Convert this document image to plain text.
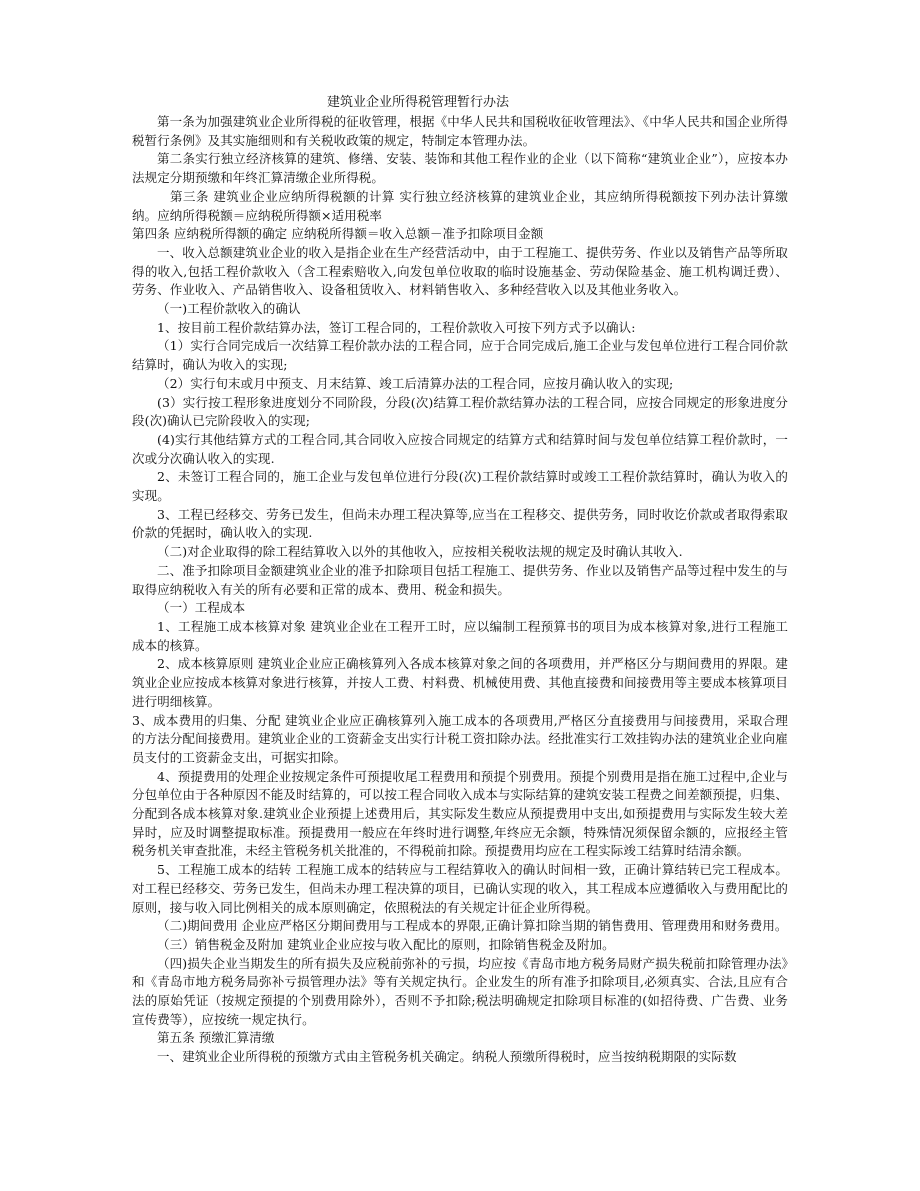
建筑业企业所得税管理暂行办法

第一条为加强建筑业企业所得税的征收管理，根据《中华人民共和国税收征收管理法》、《中华人民共和国企业所得税暂行条例》及其实施细则和有关税收政策的规定，特制定本管理办法。

第二条实行独立经济核算的建筑、修缮、安装、装饰和其他工程作业的企业（以下简称“建筑业企业”），应按本办法规定分期预缴和年终汇算清缴企业所得税。

第三条 建筑业企业应纳所得税额的计算 实行独立经济核算的建筑业企业，其应纳所得税额按下列办法计算缴纳。应纳所得税额＝应纳税所得额×适用税率

第四条 应纳税所得额的确定 应纳税所得额＝收入总额－准予扣除项目金额

一、收入总额建筑业企业的收入是指企业在生产经营活动中，由于工程施工、提供劳务、作业以及销售产品等所取得的收入,包括工程价款收入（含工程索赔收入,向发包单位收取的临时设施基金、劳动保险基金、施工机构调迁费）、劳务、作业收入、产品销售收入、设备租赁收入、材料销售收入、多种经营收入以及其他业务收入。

（一)工程价款收入的确认

1、按目前工程价款结算办法，签订工程合同的，工程价款收入可按下列方式予以确认:

（1）实行合同完成后一次结算工程价款办法的工程合同，应于合同完成后,施工企业与发包单位进行工程合同价款结算时，确认为收入的实现;

（2）实行旬末或月中预支、月末结算、竣工后清算办法的工程合同，应按月确认收入的实现;

(3）实行按工程形象进度划分不同阶段，分段(次)结算工程价款结算办法的工程合同，应按合同规定的形象进度分段(次)确认已完阶段收入的实现;

(4)实行其他结算方式的工程合同,其合同收入应按合同规定的结算方式和结算时间与发包单位结算工程价款时，一次或分次确认收入的实现.

2、未签订工程合同的，施工企业与发包单位进行分段(次)工程价款结算时或竣工工程价款结算时，确认为收入的实现。

3、工程已经移交、劳务已发生，但尚未办理工程决算等,应当在工程移交、提供劳务，同时收讫价款或者取得索取价款的凭据时，确认收入的实现.

（二)对企业取得的除工程结算收入以外的其他收入，应按相关税收法规的规定及时确认其收入.

二、准予扣除项目金额建筑业企业的准予扣除项目包括工程施工、提供劳务、作业以及销售产品等过程中发生的与取得应纳税收入有关的所有必要和正常的成本、费用、税金和损失。

（一）工程成本

1、工程施工成本核算对象 建筑业企业在工程开工时，应以编制工程预算书的项目为成本核算对象,进行工程施工成本的核算。

2、成本核算原则 建筑业企业应正确核算列入各成本核算对象之间的各项费用，并严格区分与期间费用的界限。建筑业企业应按成本核算对象进行核算，并按人工费、村料费、机械使用费、其他直接费和间接费用等主要成本核算项目进行明细核算。

3、成本费用的归集、分配 建筑业企业应正确核算列入施工成本的各项费用,严格区分直接费用与间接费用，采取合理的方法分配间接费用。建筑业企业的工资薪金支出实行计税工资扣除办法。经批准实行工效挂钩办法的建筑业企业向雇员支付的工资薪金支出，可据实扣除。

4、预提费用的处理企业按规定条件可预提收尾工程费用和预提个别费用。预提个别费用是指在施工过程中,企业与分包单位由于各种原因不能及时结算的，可以按工程合同收入成本与实际结算的建筑安装工程费之间差额预提，归集、分配到各成本核算对象.建筑业企业预提上述费用后，其实际发生数应从预提费用中支出,如预提费用与实际发生较大差异时，应及时调整提取标准。预提费用一般应在年终时进行调整,年终应无余额，特殊情况须保留余额的，应报经主管税务机关审查批准，未经主管税务机关批准的，不得税前扣除。预提费用均应在工程实际竣工结算时结清余额。

5、工程施工成本的结转 工程施工成本的结转应与工程结算收入的确认时间相一致，正确计算结转已完工程成本。对工程已经移交、劳务已发生，但尚未办理工程决算的项目，已确认实现的收入，其工程成本应遵循收入与费用配比的原则，接与收入同比例相关的成本原则确定，依照税法的有关规定计征企业所得税。

（二)期间费用 企业应严格区分期间费用与工程成本的界限,正确计算扣除当期的销售费用、管理费用和财务费用。

（三）销售税金及附加 建筑业企业应按与收入配比的原则，扣除销售税金及附加。

（四)损失企业当期发生的所有损失及应税前弥补的亏损，均应按《青岛市地方税务局财产损失税前扣除管理办法》和《青岛市地方税务局弥补亏损管理办法》等有关规定执行。企业发生的所有准予扣除项目,必须真实、合法,且应有合法的原始凭证（按规定预提的个别费用除外），否则不予扣除;税法明确规定扣除项目标准的(如招待费、广告费、业务宣传费等），应按统一规定执行。

第五条 预缴汇算清缴

一、建筑业企业所得税的预缴方式由主管税务机关确定。纳税人预缴所得税时，应当按纳税期限的实际数
